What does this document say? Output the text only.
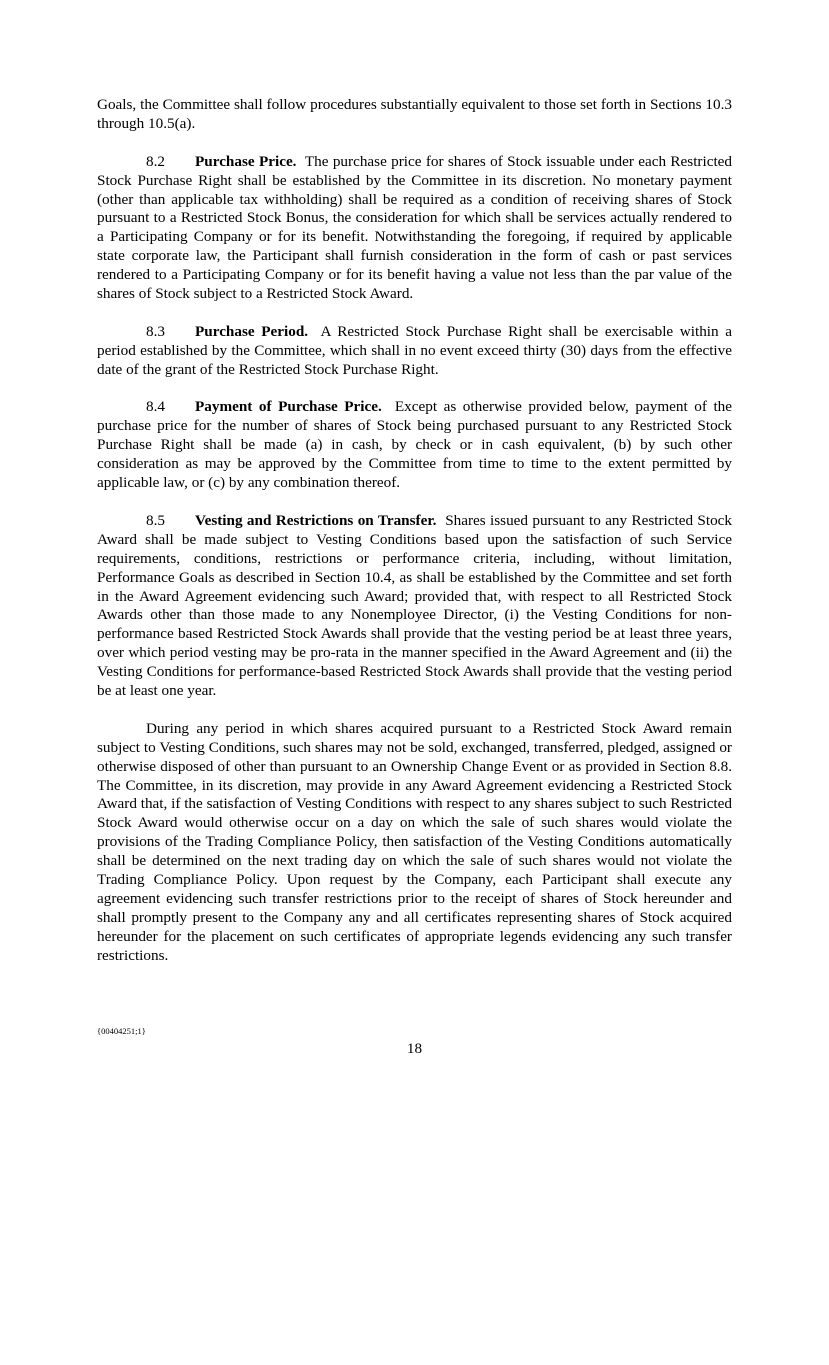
Goals, the Committee shall follow procedures substantially equivalent to those set forth in Sections 10.3 through 10.5(a).

8.2 Purchase Price. The purchase price for shares of Stock issuable under each Restricted Stock Purchase Right shall be established by the Committee in its discretion. No monetary payment (other than applicable tax withholding) shall be required as a condition of receiving shares of Stock pursuant to a Restricted Stock Bonus, the consideration for which shall be services actually rendered to a Participating Company or for its benefit. Notwithstanding the foregoing, if required by applicable state corporate law, the Participant shall furnish consideration in the form of cash or past services rendered to a Participating Company or for its benefit having a value not less than the par value of the shares of Stock subject to a Restricted Stock Award.

8.3 Purchase Period. A Restricted Stock Purchase Right shall be exercisable within a period established by the Committee, which shall in no event exceed thirty (30) days from the effective date of the grant of the Restricted Stock Purchase Right.

8.4 Payment of Purchase Price. Except as otherwise provided below, payment of the purchase price for the number of shares of Stock being purchased pursuant to any Restricted Stock Purchase Right shall be made (a) in cash, by check or in cash equivalent, (b) by such other consideration as may be approved by the Committee from time to time to the extent permitted by applicable law, or (c) by any combination thereof.

8.5 Vesting and Restrictions on Transfer. Shares issued pursuant to any Restricted Stock Award shall be made subject to Vesting Conditions based upon the satisfaction of such Service requirements, conditions, restrictions or performance criteria, including, without limitation, Performance Goals as described in Section 10.4, as shall be established by the Committee and set forth in the Award Agreement evidencing such Award; provided that, with respect to all Restricted Stock Awards other than those made to any Nonemployee Director, (i) the Vesting Conditions for non-performance based Restricted Stock Awards shall provide that the vesting period be at least three years, over which period vesting may be pro-rata in the manner specified in the Award Agreement and (ii) the Vesting Conditions for performance-based Restricted Stock Awards shall provide that the vesting period be at least one year.

During any period in which shares acquired pursuant to a Restricted Stock Award remain subject to Vesting Conditions, such shares may not be sold, exchanged, transferred, pledged, assigned or otherwise disposed of other than pursuant to an Ownership Change Event or as provided in Section 8.8. The Committee, in its discretion, may provide in any Award Agreement evidencing a Restricted Stock Award that, if the satisfaction of Vesting Conditions with respect to any shares subject to such Restricted Stock Award would otherwise occur on a day on which the sale of such shares would violate the provisions of the Trading Compliance Policy, then satisfaction of the Vesting Conditions automatically shall be determined on the next trading day on which the sale of such shares would not violate the Trading Compliance Policy. Upon request by the Company, each Participant shall execute any agreement evidencing such transfer restrictions prior to the receipt of shares of Stock hereunder and shall promptly present to the Company any and all certificates representing shares of Stock acquired hereunder for the placement on such certificates of appropriate legends evidencing any such transfer restrictions.

{00404251;1}
18
